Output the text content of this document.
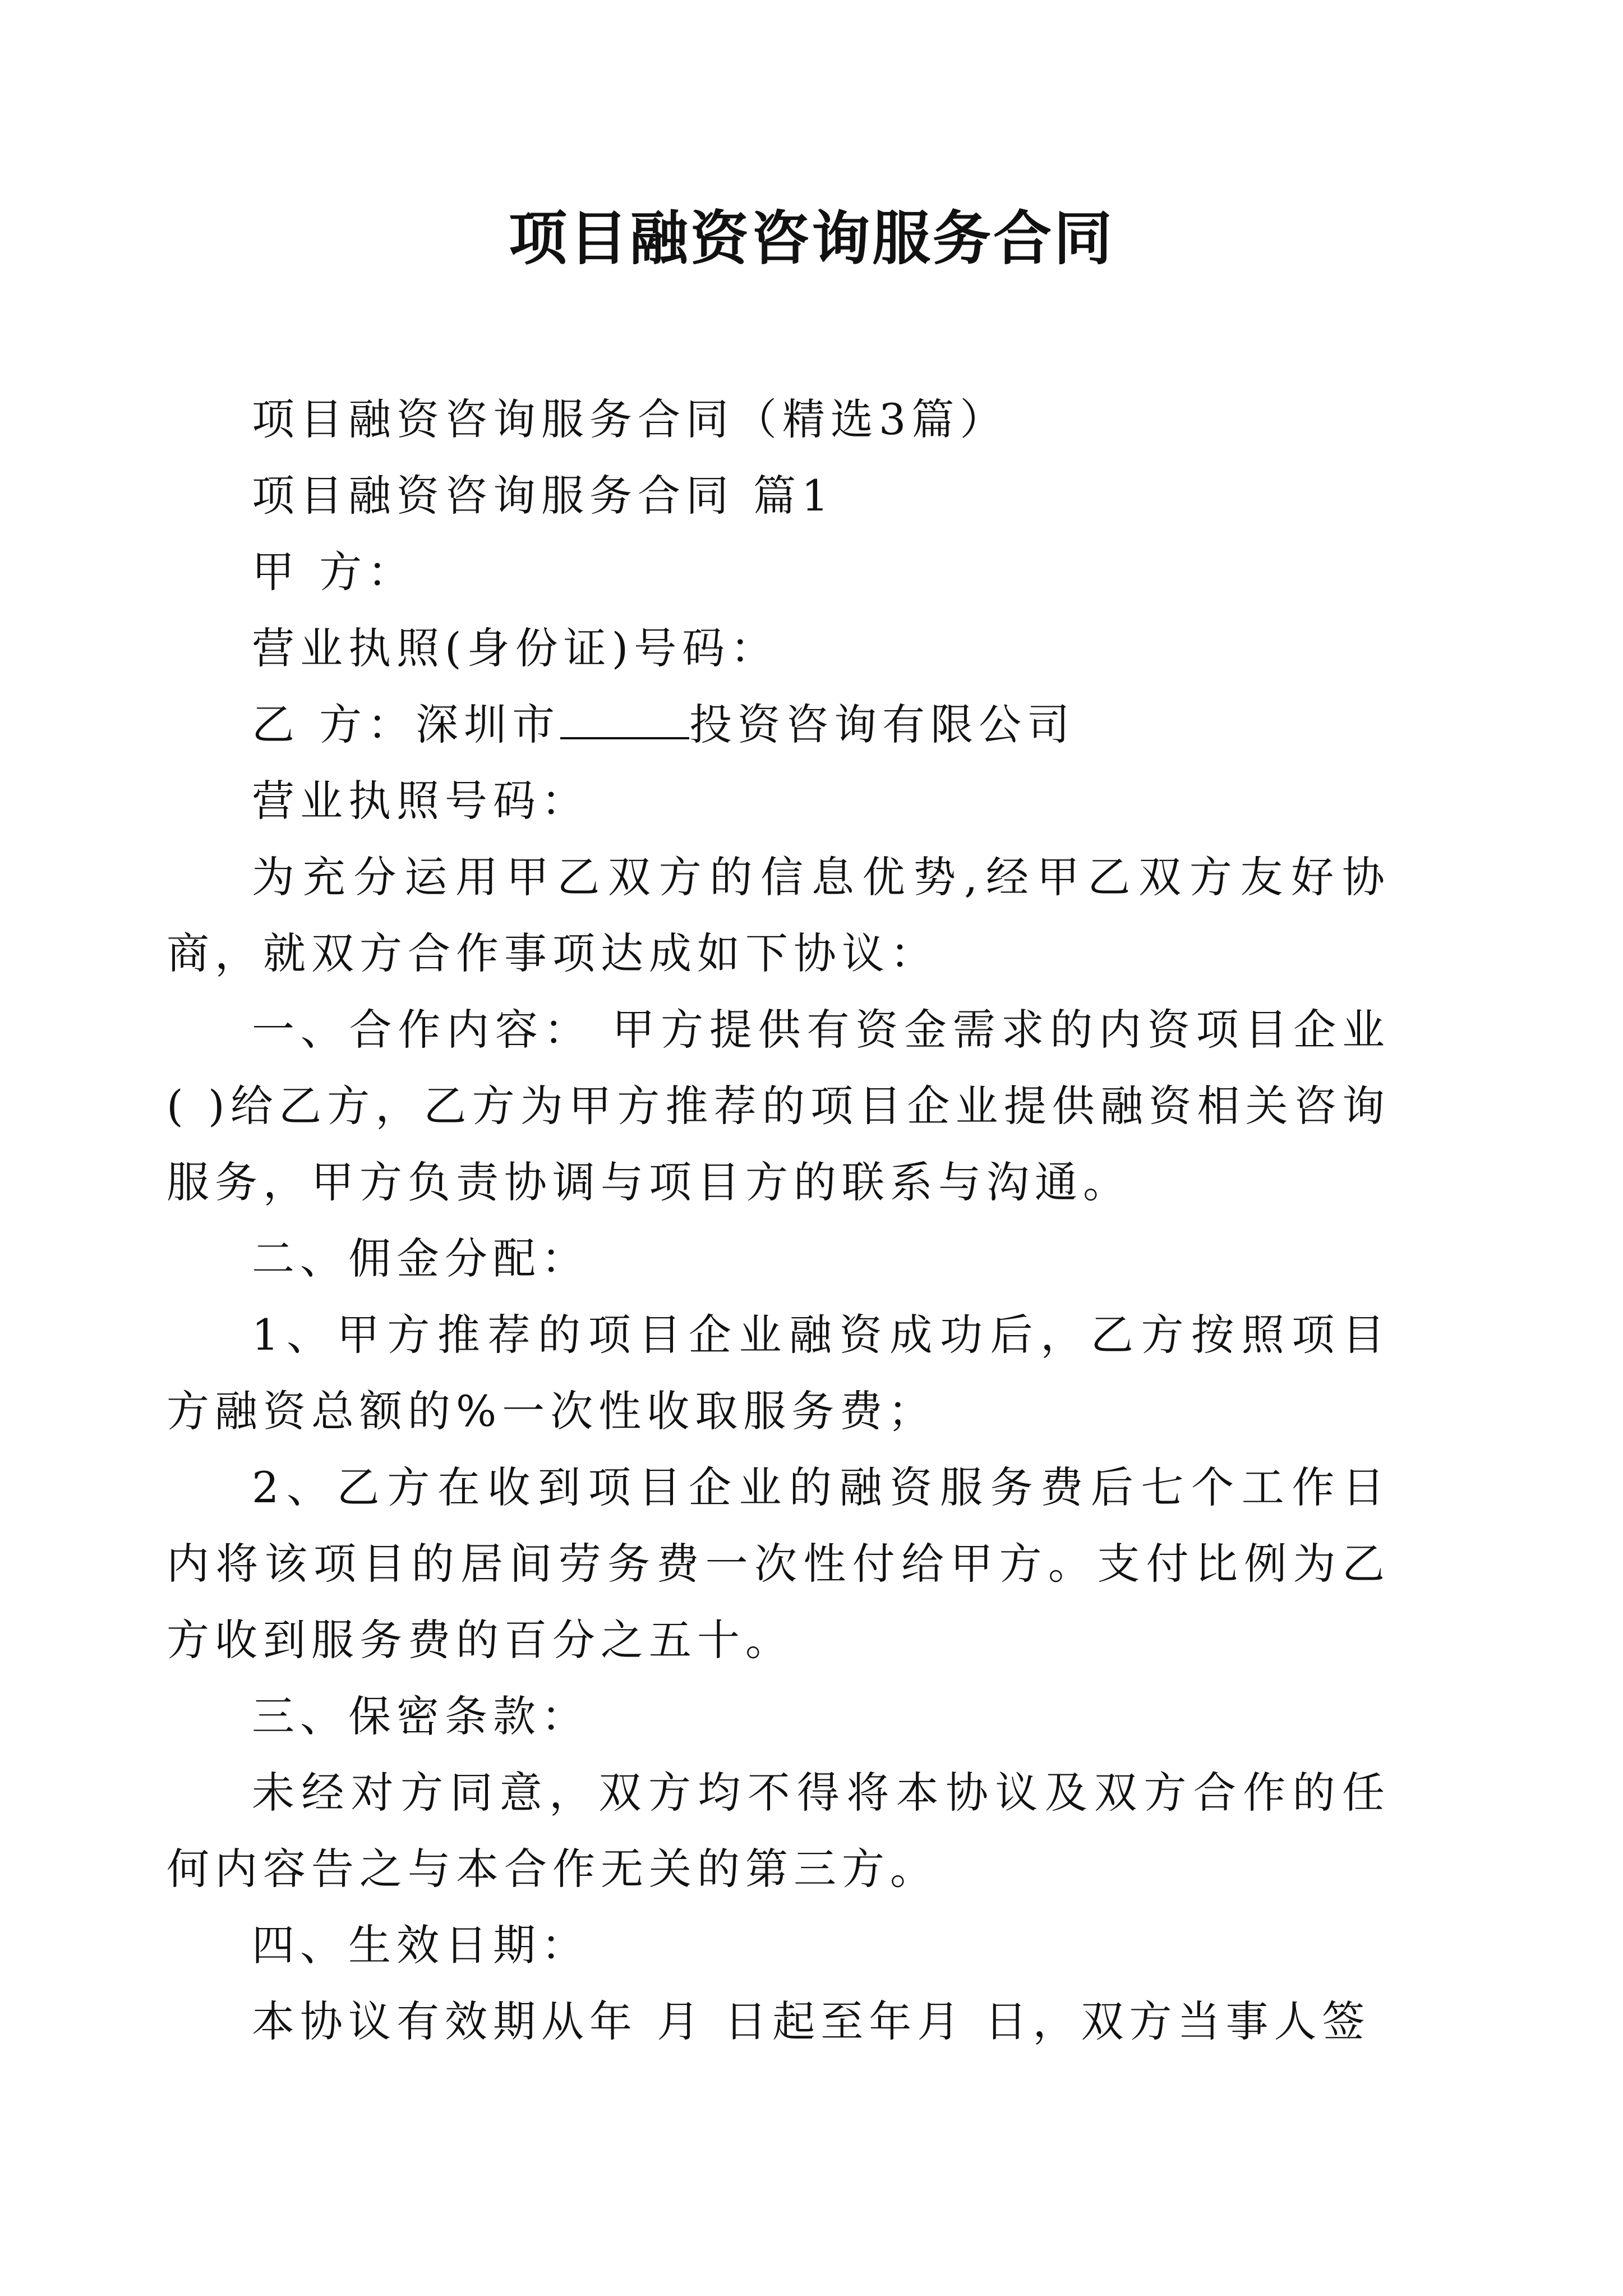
项目融资咨询服务合同

项目融资咨询服务合同（精选3篇）

项目融资咨询服务合同 篇1

甲 方：

营业执照(身份证)号码：

乙 方：深圳市	投资咨询有限公司

营业执照号码：

为充分运用甲乙双方的信息优势,经甲乙双方友好协商，就双方合作事项达成如下协议：

一、合作内容： 甲方提供有资金需求的内资项目企业( )给乙方，乙方为甲方推荐的项目企业提供融资相关咨询服务，甲方负责协调与项目方的联系与沟通。

二、佣金分配：

1、甲方推荐的项目企业融资成功后，乙方按照项目方融资总额的%一次性收取服务费；

2、乙方在收到项目企业的融资服务费后七个工作日内将该项目的居间劳务费一次性付给甲方。支付比例为乙方收到服务费的百分之五十。

三、保密条款：

未经对方同意，双方均不得将本协议及双方合作的任何内容告之与本合作无关的第三方。

四、生效日期：

本协议有效期从年 月 日起至年月 日，双方当事人签
